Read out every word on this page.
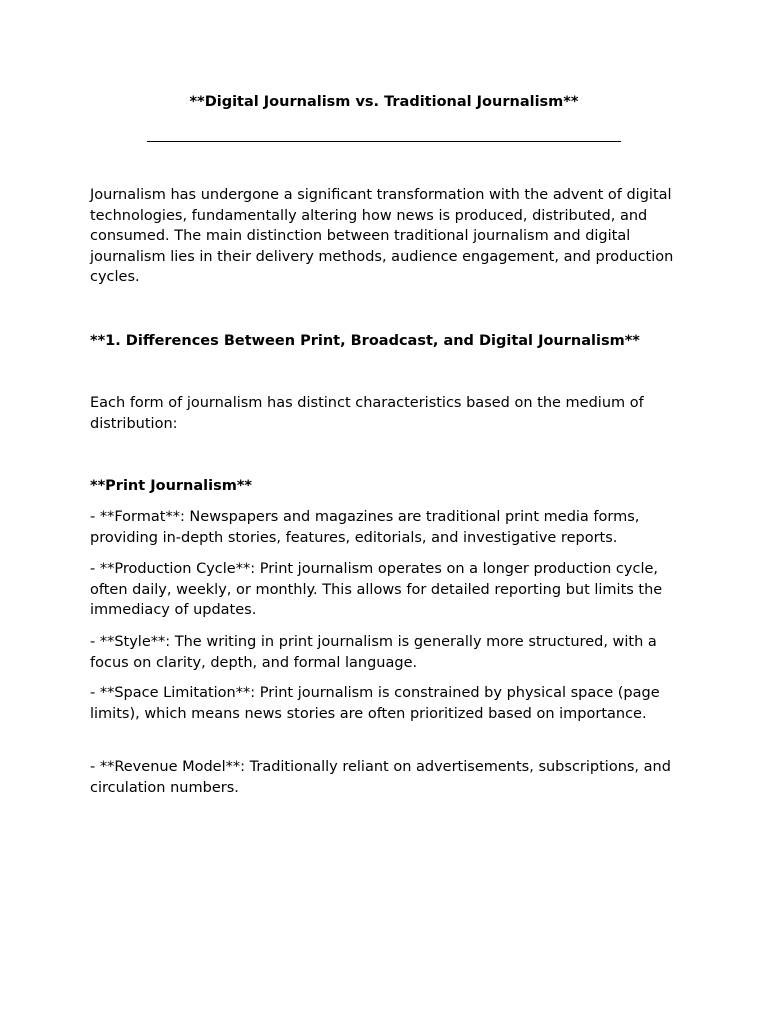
**Digital Journalism vs. Traditional Journalism**

Journalism has undergone a significant transformation with the advent of digital technologies, fundamentally altering how news is produced, distributed, and consumed. The main distinction between traditional journalism and digital journalism lies in their delivery methods, audience engagement, and production cycles.

**1. Differences Between Print, Broadcast, and Digital Journalism**

Each form of journalism has distinct characteristics based on the medium of distribution:

**Print Journalism**

- **Format**: Newspapers and magazines are traditional print media forms, providing in-depth stories, features, editorials, and investigative reports.

- **Production Cycle**: Print journalism operates on a longer production cycle, often daily, weekly, or monthly. This allows for detailed reporting but limits the immediacy of updates.

- **Style**: The writing in print journalism is generally more structured, with a focus on clarity, depth, and formal language.

- **Space Limitation**: Print journalism is constrained by physical space (page limits), which means news stories are often prioritized based on importance.

- **Revenue Model**: Traditionally reliant on advertisements, subscriptions, and circulation numbers.
